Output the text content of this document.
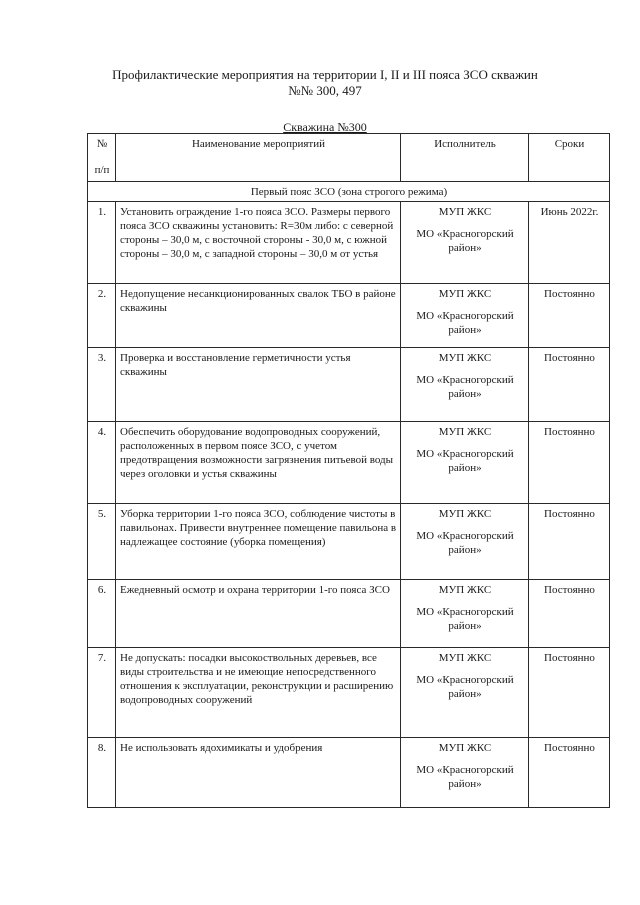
Профилактические мероприятия на территории I, II и III пояса ЗСО скважин
№№ 300, 497
Скважина №300
№
п/п	Наименование мероприятий	Исполнитель	Сроки
Первый пояс ЗСО (зона строгого режима)			
1.	Установить ограждение 1-го пояса ЗСО. Размеры первого пояса ЗСО скважины установить: R=30м либо: с северной стороны – 30,0 м, с восточной стороны - 30,0 м, с южной стороны – 30,0 м, с западной стороны – 30,0 м от устья	МУП ЖКС
МО «Красногорский район»	Июнь 2022г.
2.	Недопущение несанкционированных свалок ТБО в районе скважины	МУП ЖКС
МО «Красногорский район»	Постоянно
3.	Проверка и восстановление герметичности устья скважины	МУП ЖКС
МО «Красногорский район»	Постоянно
4.	Обеспечить оборудование водопроводных сооружений, расположенных в первом поясе ЗСО, с учетом предотвращения возможности загрязнения питьевой воды через оголовки и устья скважины	МУП ЖКС
МО «Красногорский район»	Постоянно
5.	Уборка территории 1-го пояса ЗСО, соблюдение чистоты в павильонах. Привести внутреннее помещение павильона в надлежащее состояние (уборка помещения)	МУП ЖКС
МО «Красногорский район»	Постоянно
6.	Ежедневный осмотр и охрана территории 1-го пояса ЗСО	МУП ЖКС
МО «Красногорский район»	Постоянно
7.	Не допускать: посадки высокоствольных деревьев, все виды строительства и не имеющие непосредственного отношения к эксплуатации, реконструкции и расширению водопроводных сооружений	МУП ЖКС
МО «Красногорский район»	Постоянно
8.	Не использовать ядохимикаты и удобрения	МУП ЖКС
МО «Красногорский район»	Постоянно
